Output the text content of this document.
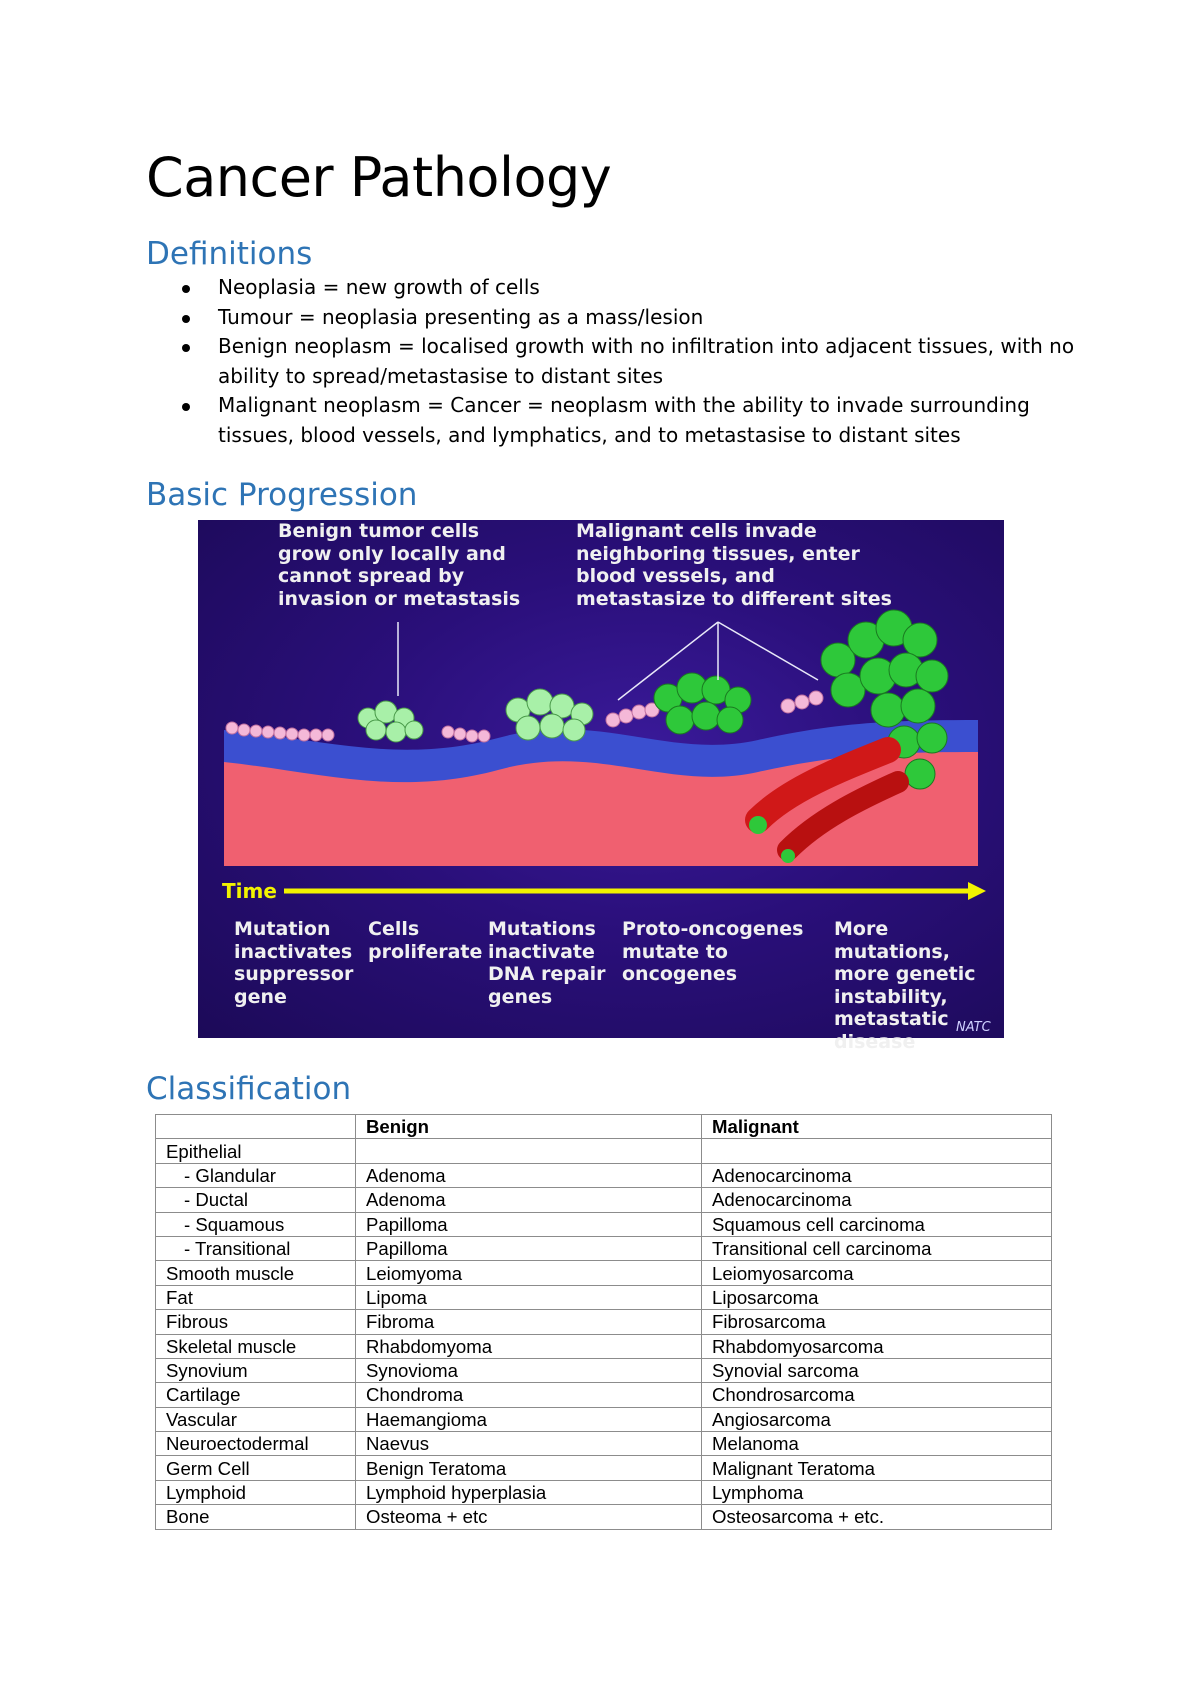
Cancer Pathology
Definitions
Neoplasia = new growth of cells
Tumour = neoplasia presenting as a mass/lesion
Benign neoplasm = localised growth with no infiltration into adjacent tissues, with no ability to spread/metastasise to distant sites
Malignant neoplasm = Cancer = neoplasm with the ability to invade surrounding tissues, blood vessels, and lymphatics, and to metastasise to distant sites
Basic Progression
Benign tumor cells
grow only locally and
cannot spread by
invasion or metastasis
Malignant cells invade
neighboring tissues, enter
blood vessels, and
metastasize to different sites
Time
Mutation
inactivates
suppressor
gene
Cells
proliferate
Mutations
inactivate
DNA repair
genes
Proto-oncogenes
mutate to
oncogenes
More mutations,
more genetic
instability,
metastatic
disease
NATC
Classification
	Benign	Malignant
Epithelial		
- Glandular	Adenoma	Adenocarcinoma
- Ductal	Adenoma	Adenocarcinoma
- Squamous	Papilloma	Squamous cell carcinoma
- Transitional	Papilloma	Transitional cell carcinoma
Smooth muscle	Leiomyoma	Leiomyosarcoma
Fat	Lipoma	Liposarcoma
Fibrous	Fibroma	Fibrosarcoma
Skeletal muscle	Rhabdomyoma	Rhabdomyosarcoma
Synovium	Synovioma	Synovial sarcoma
Cartilage	Chondroma	Chondrosarcoma
Vascular	Haemangioma	Angiosarcoma
Neuroectodermal	Naevus	Melanoma
Germ Cell	Benign Teratoma	Malignant Teratoma
Lymphoid	Lymphoid hyperplasia	Lymphoma
Bone	Osteoma + etc	Osteosarcoma + etc.
